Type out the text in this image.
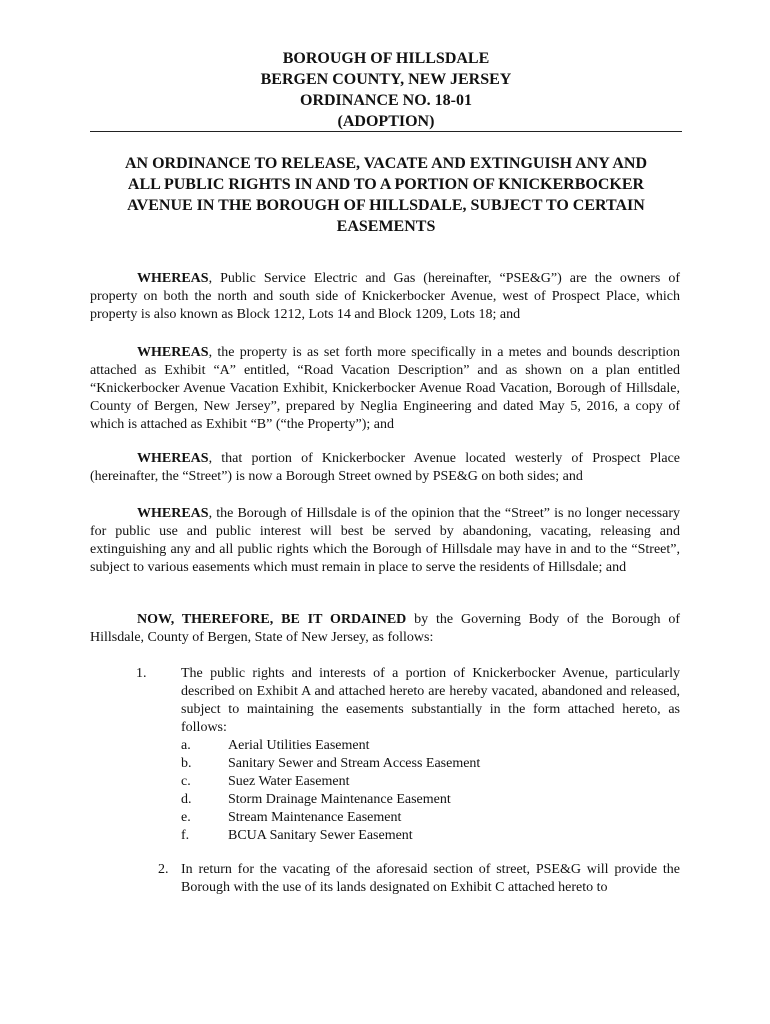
BOROUGH OF HILLSDALE
BERGEN COUNTY, NEW JERSEY
ORDINANCE NO. 18-01
(ADOPTION)
AN ORDINANCE TO RELEASE, VACATE AND EXTINGUISH ANY AND
ALL PUBLIC RIGHTS IN AND TO A PORTION OF KNICKERBOCKER
AVENUE IN THE BOROUGH OF HILLSDALE, SUBJECT TO CERTAIN
EASEMENTS

WHEREAS, Public Service Electric and Gas (hereinafter, “PSE&G”) are the owners of property on both the north and south side of Knickerbocker Avenue, west of Prospect Place, which property is also known as Block 1212, Lots 14 and Block 1209, Lots 18; and

WHEREAS, the property is as set forth more specifically in a metes and bounds description attached as Exhibit “A” entitled, “Road Vacation Description” and as shown on a plan entitled “Knickerbocker Avenue Vacation Exhibit, Knickerbocker Avenue Road Vacation, Borough of Hillsdale, County of Bergen, New Jersey”, prepared by Neglia Engineering and dated May 5, 2016, a copy of which is attached as Exhibit “B” (“the Property”); and

WHEREAS, that portion of Knickerbocker Avenue located westerly of Prospect Place (hereinafter, the “Street”) is now a Borough Street owned by PSE&G on both sides; and

WHEREAS, the Borough of Hillsdale is of the opinion that the “Street” is no longer necessary for public use and public interest will best be served by abandoning, vacating, releasing and extinguishing any and all public rights which the Borough of Hillsdale may have in and to the “Street”, subject to various easements which must remain in place to serve the residents of Hillsdale; and

NOW, THEREFORE, BE IT ORDAINED by the Governing Body of the Borough of Hillsdale, County of Bergen, State of New Jersey, as follows:

1. The public rights and interests of a portion of Knickerbocker Avenue, particularly described on Exhibit A and attached hereto are hereby vacated, abandoned and released, subject to maintaining the easements substantially in the form attached hereto, as follows:
a.	Aerial Utilities Easement
b.	Sanitary Sewer and Stream Access Easement
c.	Suez Water Easement
d.	Storm Drainage Maintenance Easement
e.	Stream Maintenance Easement
f.	BCUA Sanitary Sewer Easement
2. In return for the vacating of the aforesaid section of street, PSE&G will provide the Borough with the use of its lands designated on Exhibit C attached hereto to
